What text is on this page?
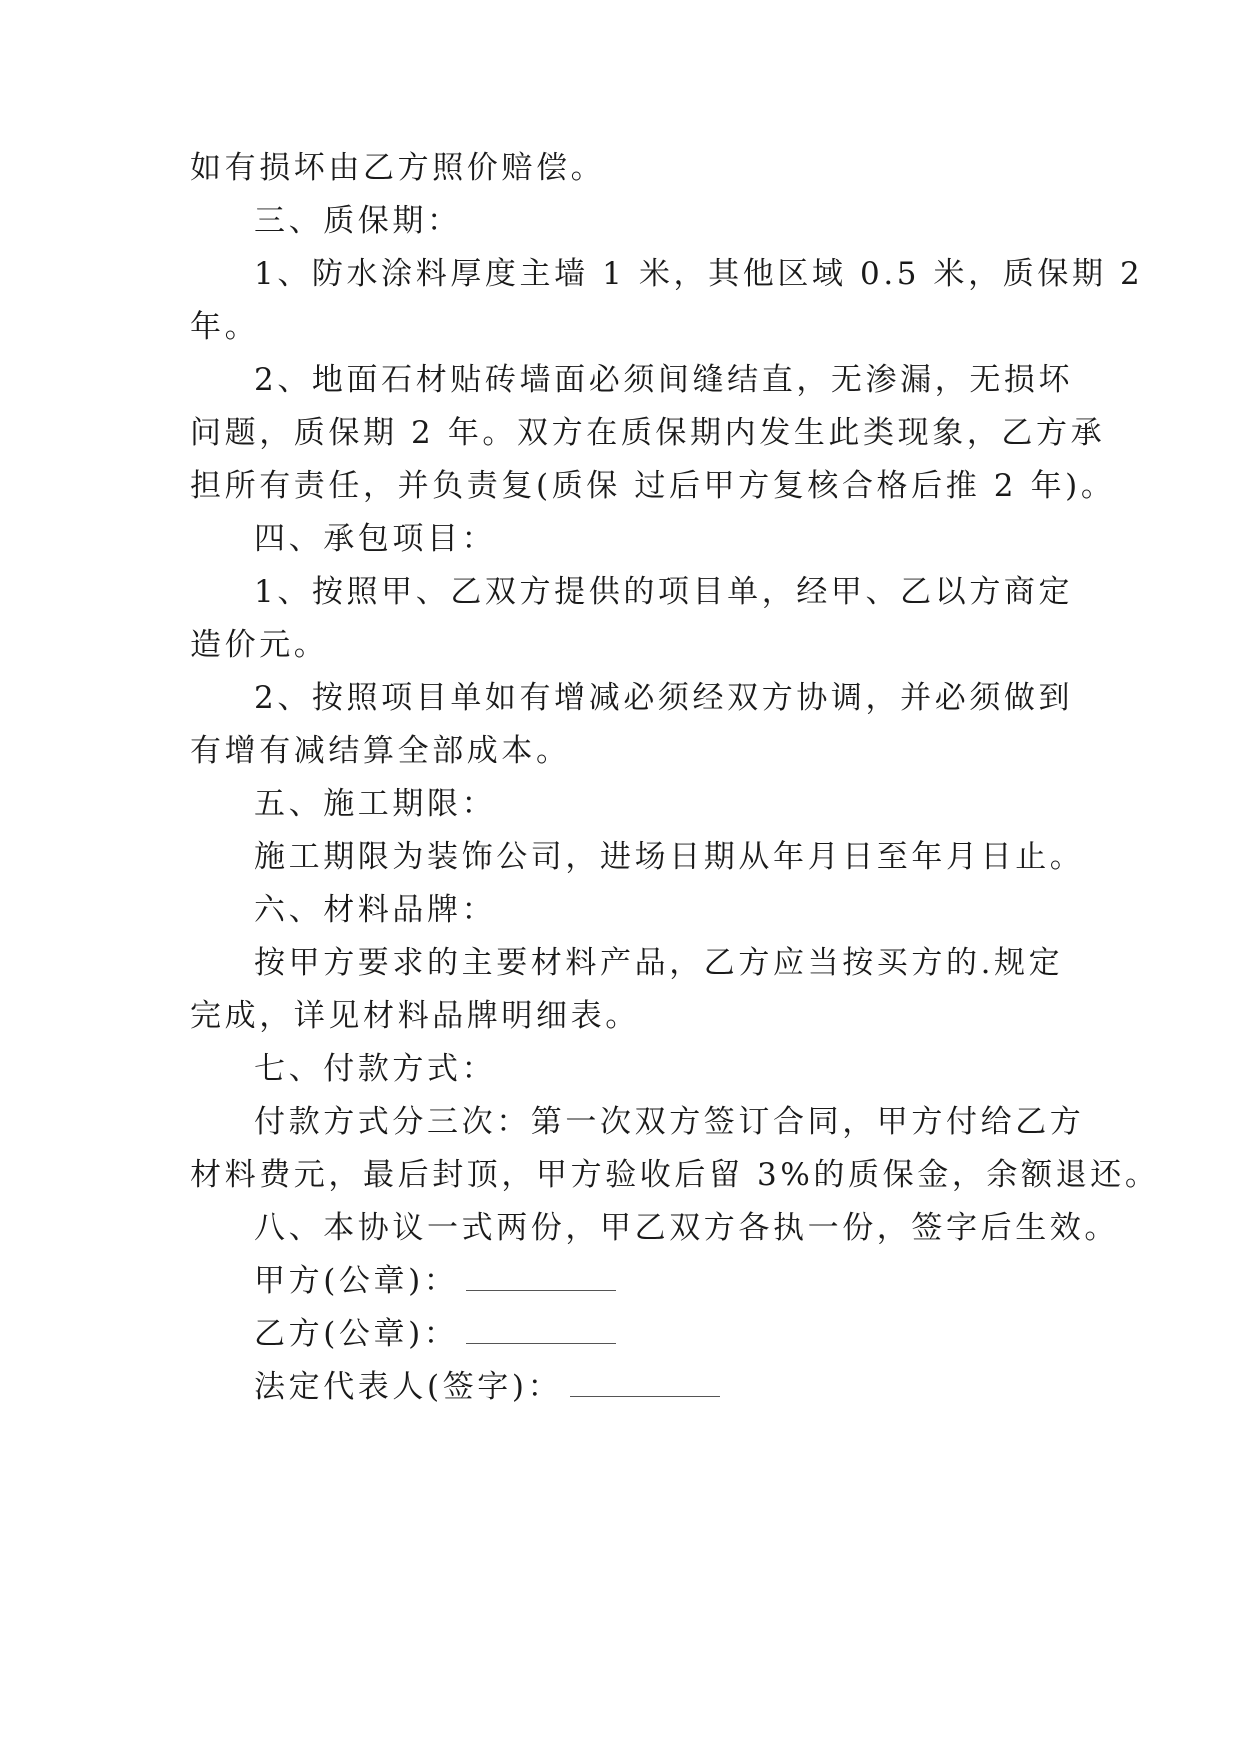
如有损坏由乙方照价赔偿。
三、质保期：
1、防水涂料厚度主墙 1 米，其他区域 0.5 米，质保期 2
年。
2、地面石材贴砖墙面必须间缝结直，无渗漏，无损坏
问题，质保期 2 年。双方在质保期内发生此类现象，乙方承
担所有责任，并负责复(质保 过后甲方复核合格后推 2 年)。
四、承包项目：
1、按照甲、乙双方提供的项目单，经甲、乙以方商定
造价元。
2、按照项目单如有增减必须经双方协调，并必须做到
有增有减结算全部成本。
五、施工期限：
施工期限为装饰公司，进场日期从年月日至年月日止。
六、材料品牌：
按甲方要求的主要材料产品，乙方应当按买方的.规定
完成，详见材料品牌明细表。
七、付款方式：
付款方式分三次：第一次双方签订合同，甲方付给乙方
材料费元，最后封顶，甲方验收后留 3%的质保金，余额退还。
八、本协议一式两份，甲乙双方各执一份，签字后生效。
甲方(公章)：
乙方(公章)：
法定代表人(签字)：
